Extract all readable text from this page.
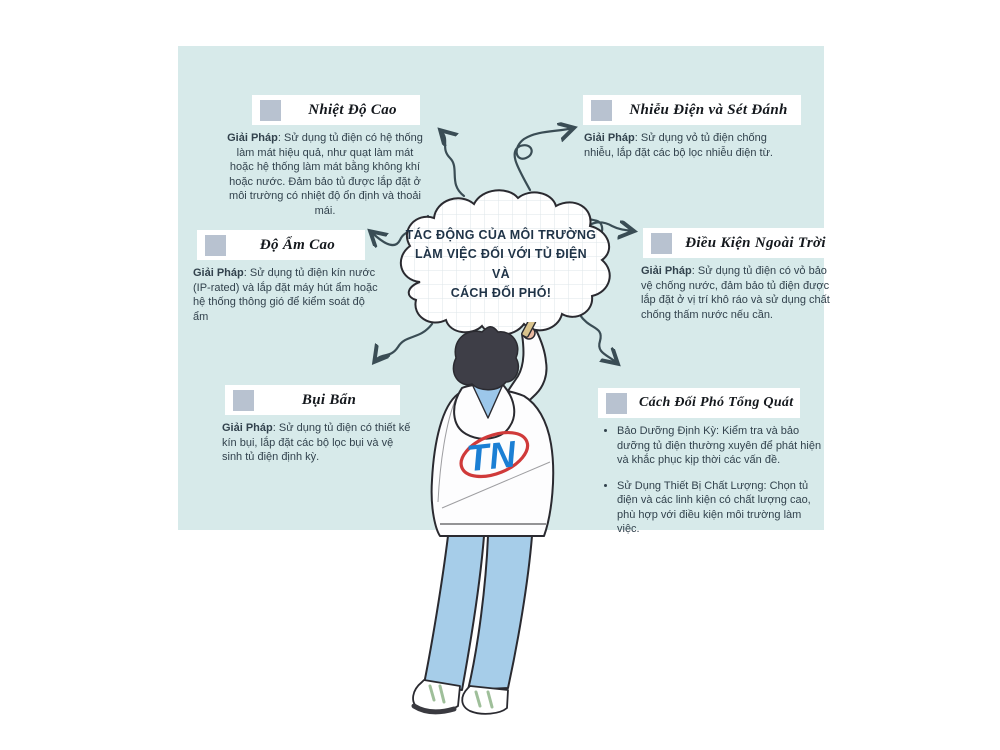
Nhiệt Độ Cao
Giải Pháp: Sử dụng tủ điện có hệ thống làm mát hiệu quả, như quạt làm mát hoặc hệ thống làm mát bằng không khí hoặc nước. Đảm bảo tủ được lắp đặt ở môi trường có nhiệt độ ổn định và thoải mái.
Nhiễu Điện và Sét Đánh
Giải Pháp: Sử dụng vỏ tủ điện chống nhiễu, lắp đặt các bộ lọc nhiễu điện từ.
Độ Ẩm Cao
Giải Pháp: Sử dụng tủ điện kín nước (IP-rated) và lắp đặt máy hút ẩm hoặc hệ thống thông gió để kiểm soát độ ẩm
Điều Kiện Ngoài Trời
Giải Pháp: Sử dụng tủ điện có vỏ bảo vệ chống nước, đảm bảo tủ điện được lắp đặt ở vị trí khô ráo và sử dụng chất chống thấm nước nếu cần.
Bụi Bẩn
Giải Pháp: Sử dụng tủ điện có thiết kế kín bụi, lắp đặt các bộ lọc bụi và vệ sinh tủ điện định kỳ.
Cách Đối Phó Tổng Quát
• Bảo Dưỡng Định Kỳ: Kiểm tra và bảo dưỡng tủ điện thường xuyên để phát hiện và khắc phục kịp thời các vấn đề.
• Sử Dụng Thiết Bị Chất Lượng: Chọn tủ điện và các linh kiện có chất lượng cao, phù hợp với điều kiện môi trường làm việc.
TÁC ĐỘNG CỦA MÔI TRƯỜNG
LÀM VIỆC ĐỐI VỚI TỦ ĐIỆN
VÀ
CÁCH ĐỐI PHÓ!
TN
